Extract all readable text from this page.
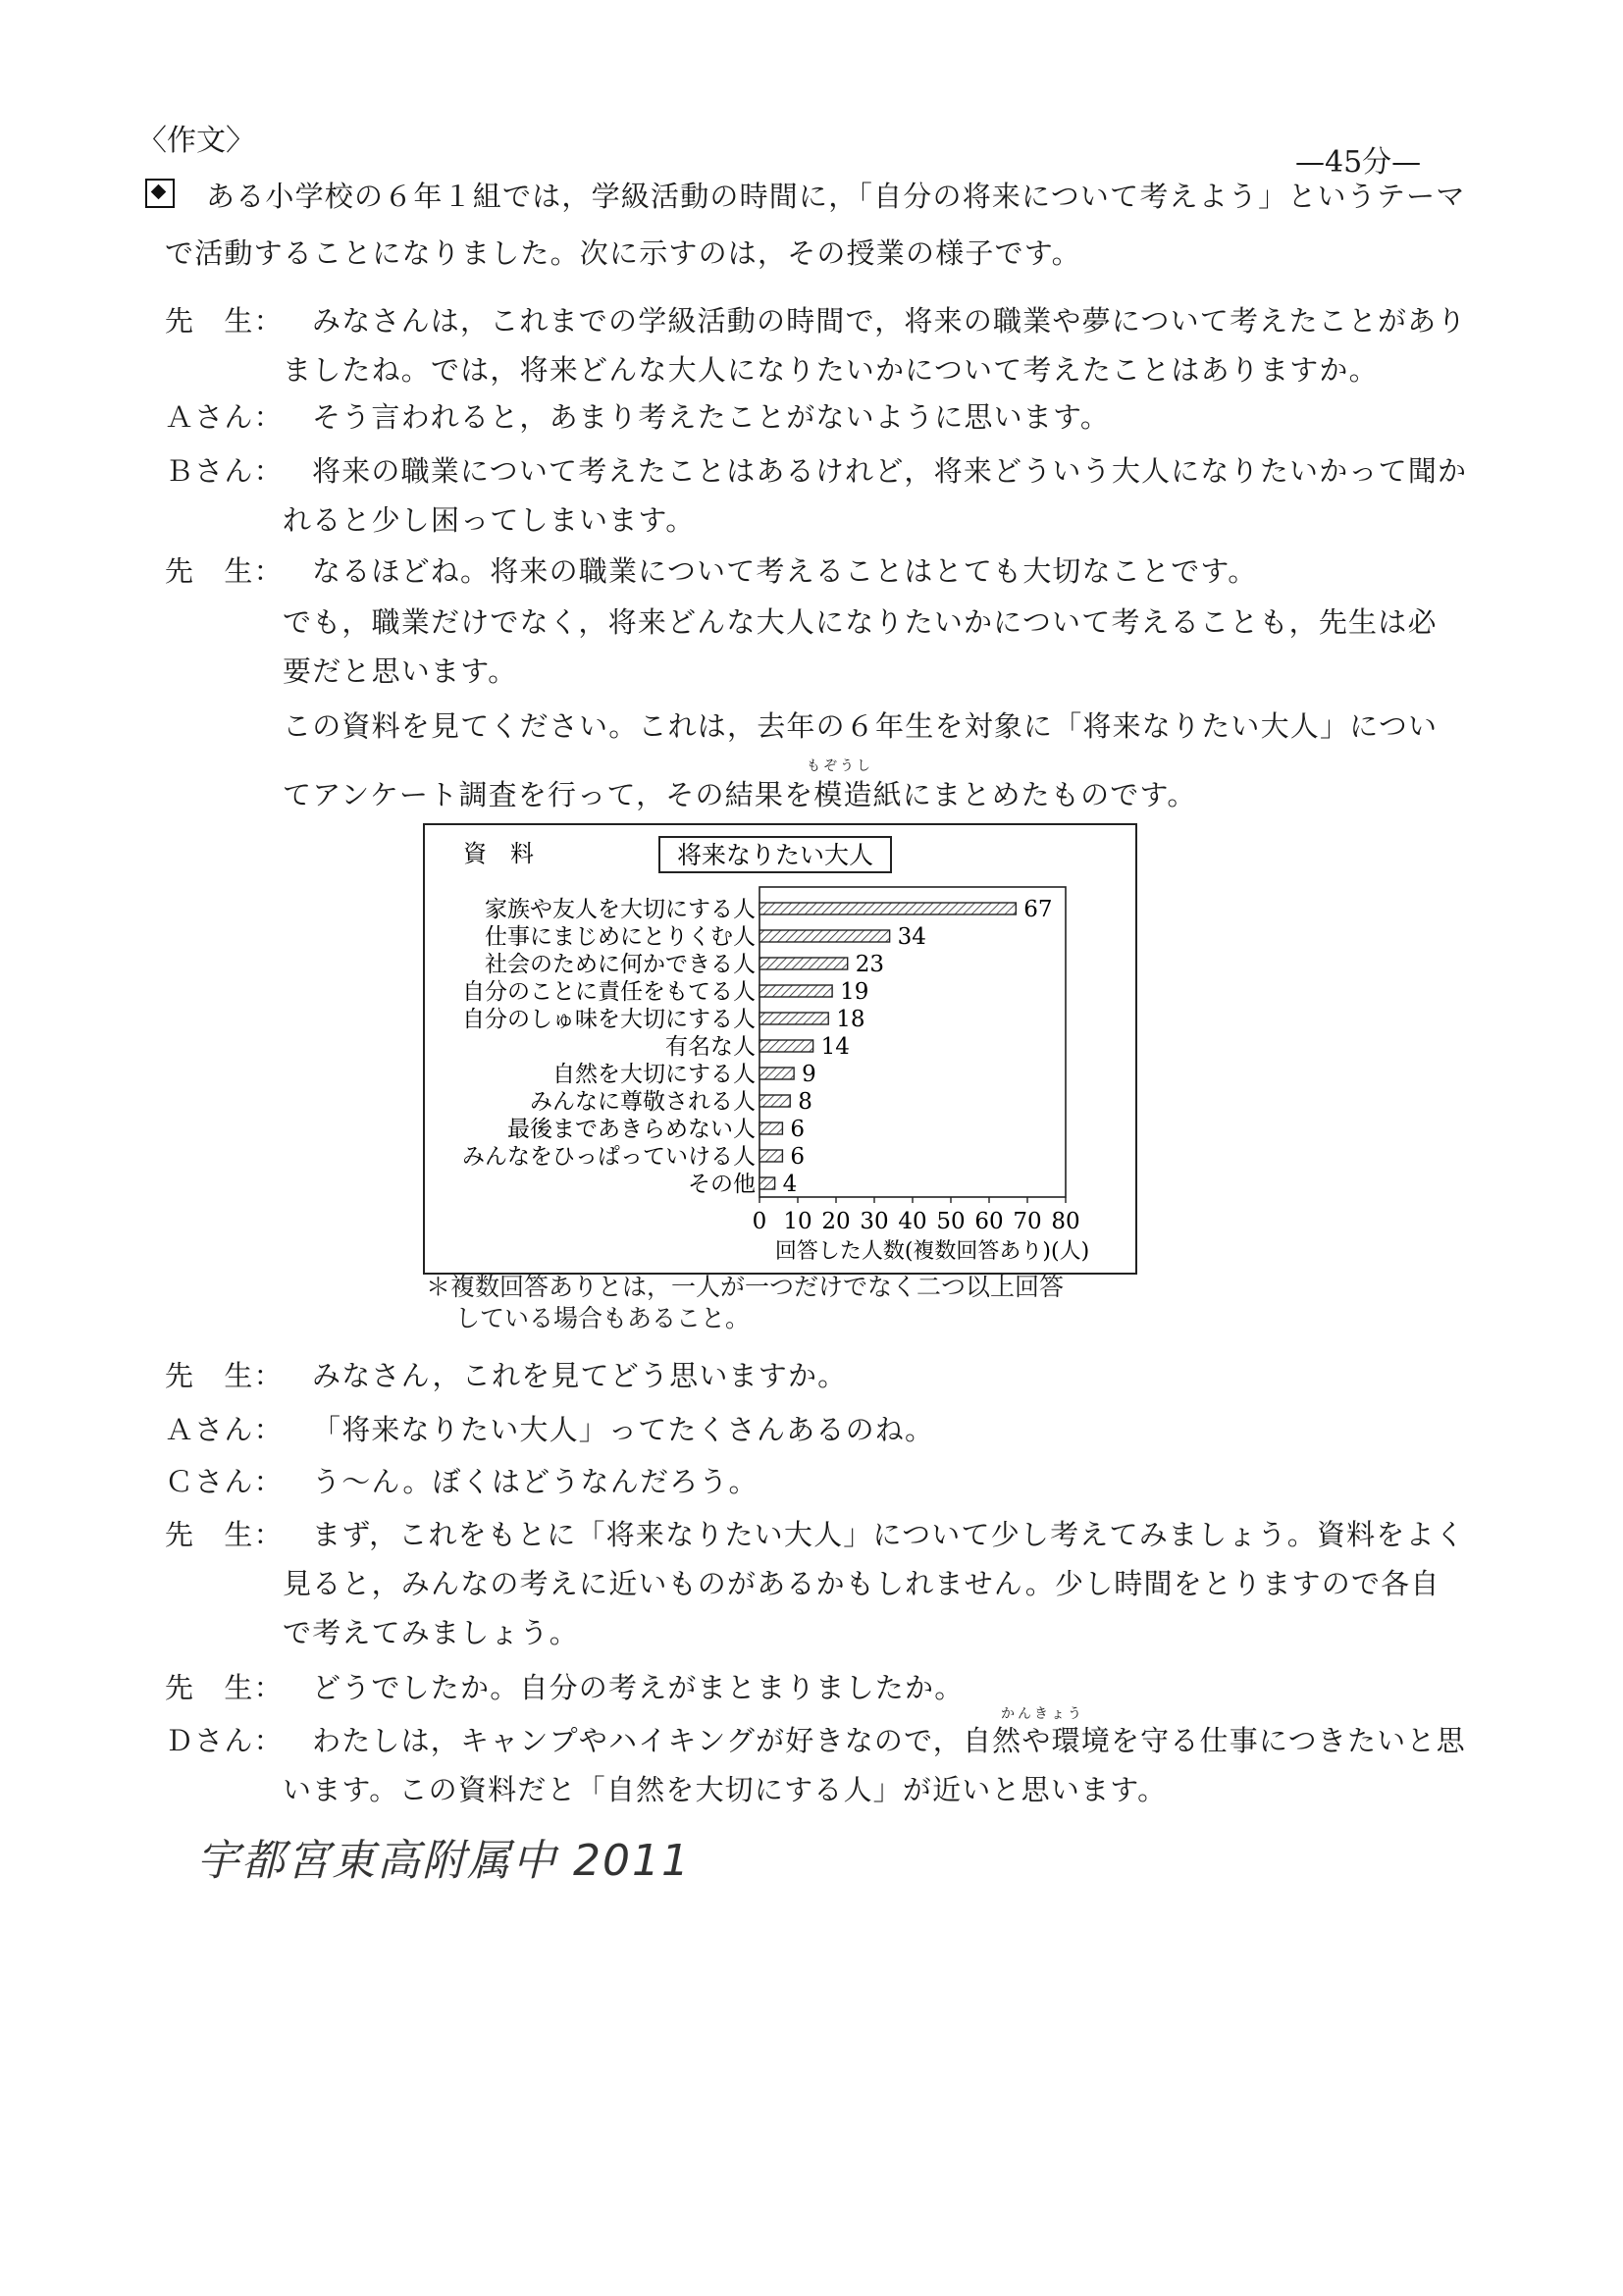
〈作文〉
—45分—
ある小学校の６年１組では，学級活動の時間に，「自分の将来について考えよう」というテーマ
で活動することになりました。次に示すのは，その授業の様子です。
先　生： みなさんは，これまでの学級活動の時間で，将来の職業や夢について考えたことがあり
ましたね。では，将来どんな大人になりたいかについて考えたことはありますか。
Ａさん： そう言われると，あまり考えたことがないように思います。
Ｂさん： 将来の職業について考えたことはあるけれど，将来どういう大人になりたいかって聞か
れると少し困ってしまいます。
先　生： なるほどね。将来の職業について考えることはとても大切なことです。
でも，職業だけでなく，将来どんな大人になりたいかについて考えることも，先生は必
要だと思います。
この資料を見てください。これは，去年の６年生を対象に「将来なりたい大人」につい
もぞうし
てアンケート調査を行って，その結果を模造紙にまとめたものです。
資　料	将来なりたい大人
家族や友人を大切にする人	67
仕事にまじめにとりくむ人	34
社会のために何かできる人	23
自分のことに責任をもてる人	19
自分のしゅ味を大切にする人	18
有名な人	14
自然を大切にする人 9
みんなに尊敬される人 8
最後まであきらめない人 6
みんなをひっぱっていける人 6
その他 4
0 10 20 30 40 50 60 70 80
回答した人数(複数回答あり)(人)
＊複数回答ありとは，一人が一つだけでなく二つ以上回答
している場合もあること。
先　生： みなさん，これを見てどう思いますか。
Ａさん： 「将来なりたい大人」ってたくさんあるのね。
Ｃさん： う～ん。ぼくはどうなんだろう。
先　生： まず，これをもとに「将来なりたい大人」について少し考えてみましょう。資料をよく
見ると，みんなの考えに近いものがあるかもしれません。少し時間をとりますので各自
で考えてみましょう。
先　生： どうでしたか。自分の考えがまとまりましたか。
かんきょう
Ｄさん： わたしは，キャンプやハイキングが好きなので，自然や環境を守る仕事につきたいと思
います。この資料だと「自然を大切にする人」が近いと思います。
宇都宮東高附属中 2011
